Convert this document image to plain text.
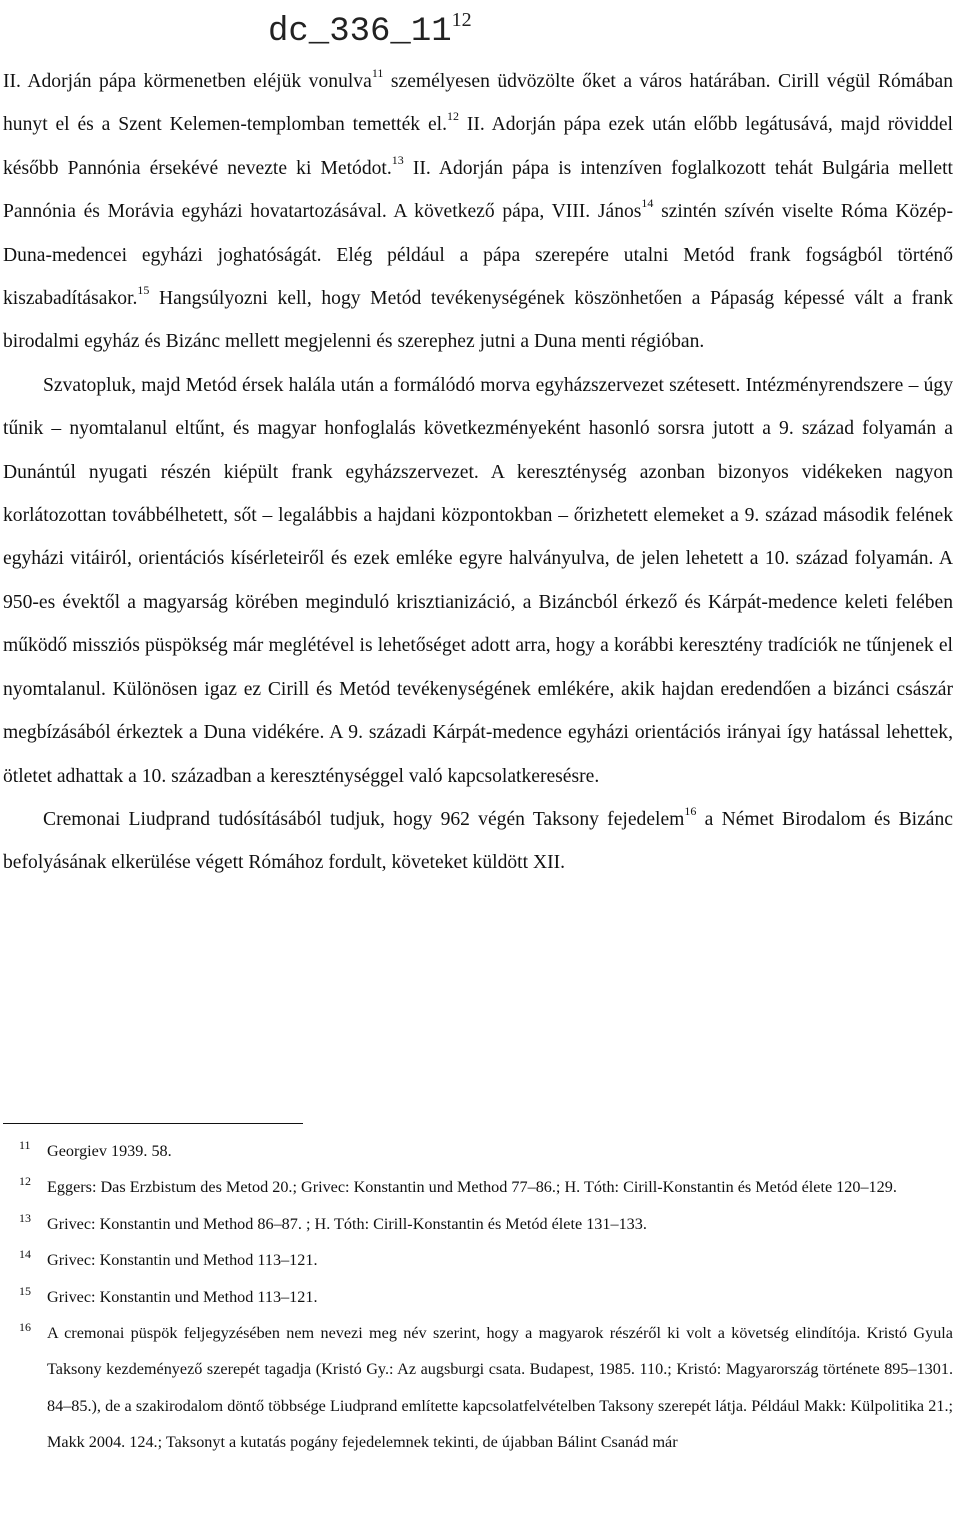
$dc\_336\_11^{12}$

II. Adorján pápa körmenetben eléjük vonulva$^{11}$ személyesen üdvözölte őket a város határában. Cirill végül Rómában hunyt el és a Szent Kelemen-templomban temették el.$^{12}$ II. Adorján pápa ezek után előbb legátusává, majd röviddel később Pannónia érsekévé nevezte ki Metódot.$^{13}$ II. Adorján pápa is intenzíven foglalkozott tehát Bulgária mellett Pannónia és Morávia egyházi hovatartozásával. A következő pápa, VIII. János$^{14}$ szintén szívén viselte Róma Közép-Duna-medencei egyházi joghatóságát. Elég például a pápa szerepére utalni Metód frank fogságból történő kiszabadításakor.$^{15}$ Hangsúlyozni kell, hogy Metód tevékenységének köszönhetően a Pápaság képessé vált a frank birodalmi egyház és Bizánc mellett megjelenni és szerephez jutni a Duna menti régióban.

Szvatopluk, majd Metód érsek halála után a formálódó morva egyházszervezet szétesett. Intézményrendszere – úgy tűnik – nyomtalanul eltűnt, és magyar honfoglalás következményeként hasonló sorsra jutott a 9. század folyamán a Dunántúl nyugati részén kiépült frank egyházszervezet. A kereszténység azonban bizonyos vidékeken nagyon korlátozottan továbbélhetett, sőt – legalábbis a hajdani központokban – őrizhetett elemeket a 9. század második felének egyházi vitáiról, orientációs kísérleteiről és ezek emléke egyre halványulva, de jelen lehetett a 10. század folyamán. A 950-es évektől a magyarság körében meginduló krisztianizáció, a Bizáncból érkező és Kárpát-medence keleti felében működő missziós püspökség már meglétével is lehetőséget adott arra, hogy a korábbi keresztény tradíciók ne tűnjenek el nyomtalanul. Különösen igaz ez Cirill és Metód tevékenységének emlékére, akik hajdan eredendően a bizánci császár megbízásából érkeztek a Duna vidékére. A 9. századi Kárpát-medence egyházi orientációs irányai így hatással lehettek, ötletet adhattak a 10. században a kereszténységgel való kapcsolatkeresésre.

Cremonai Liudprand tudósításából tudjuk, hogy 962 végén Taksony fejedelem$^{16}$ a Német Birodalom és Bizánc befolyásának elkerülése végett Rómához fordult, követeket küldött XII.

11 Georgiev 1939. 58.
12 Eggers: Das Erzbistum des Metod 20.; Grivec: Konstantin und Method 77–86.; H. Tóth: Cirill-Konstantin és Metód élete 120–129.
13 Grivec: Konstantin und Method 86–87. ; H. Tóth: Cirill-Konstantin és Metód élete 131–133.
14 Grivec: Konstantin und Method 113–121.
15 Grivec: Konstantin und Method 113–121.
16 A cremonai püspök feljegyzésében nem nevezi meg név szerint, hogy a magyarok részéről ki volt a követség elindítója. Kristó Gyula Taksony kezdeményező szerepét tagadja (Kristó Gy.: Az augsburgi csata. Budapest, 1985. 110.; Kristó: Magyarország története 895–1301. 84–85.), de a szakirodalom döntő többsége Liudprand említette kapcsolatfelvételben Taksony szerepét látja. Például Makk: Külpolitika 21.; Makk 2004. 124.; Taksonyt a kutatás pogány fejedelemnek tekinti, de újabban Bálint Csanád már
